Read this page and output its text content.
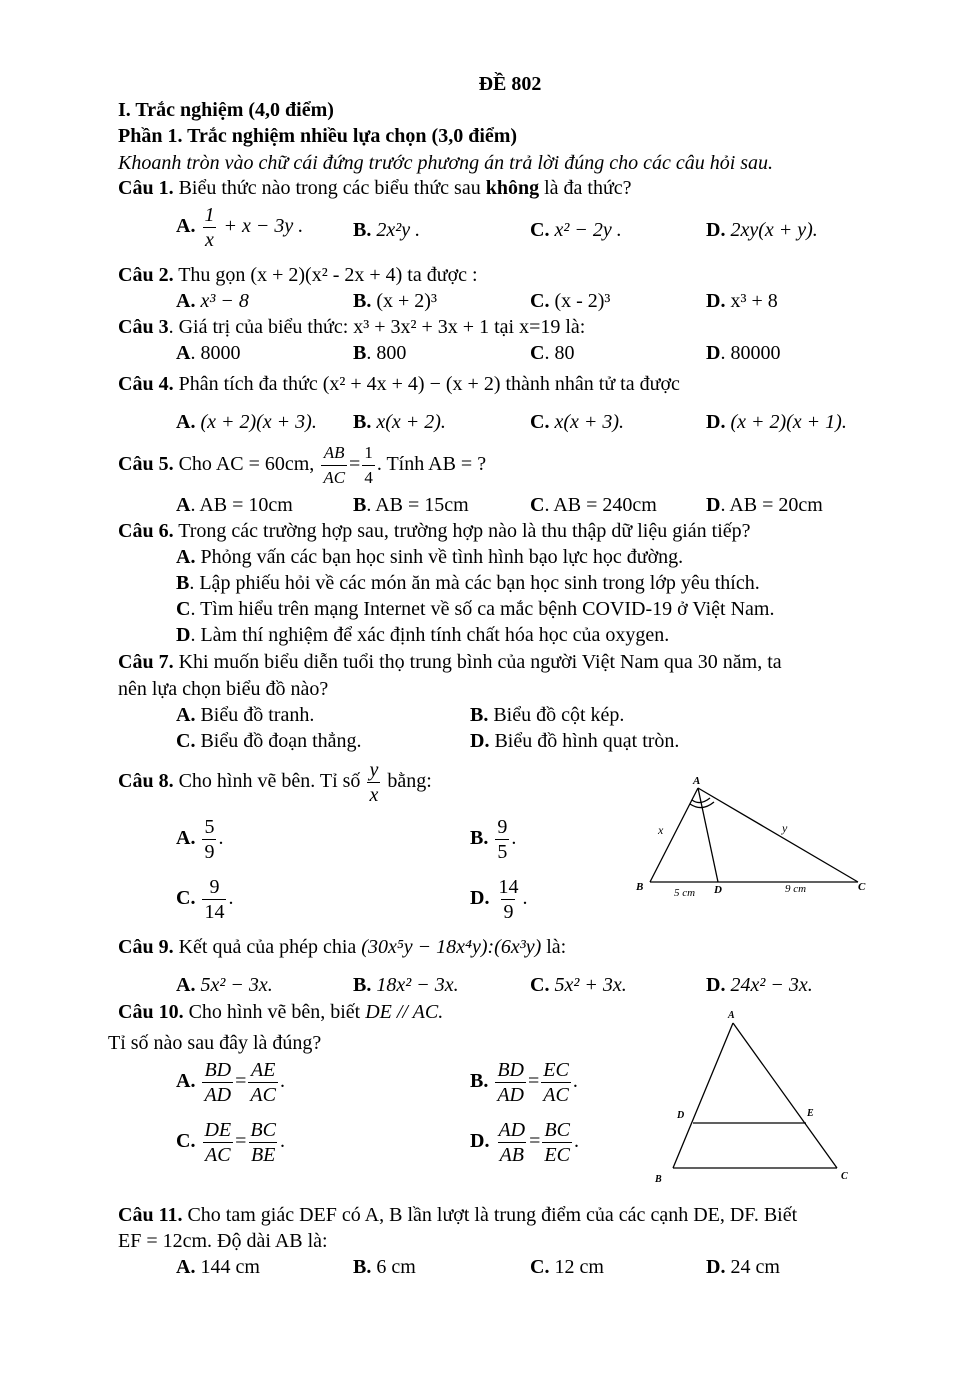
ĐỀ 802
I. Trắc nghiệm (4,0 điểm)
Phần 1. Trắc nghiệm nhiều lựa chọn (3,0 điểm)
Khoanh tròn vào chữ cái đứng trước phương án trả lời đúng cho các câu hỏi sau.
Câu 1. Biểu thức nào trong các biểu thức sau không là đa thức?
A. $\frac{1}{x} + x - 3y$ . B. 2x²y .	C. x² − 2y .	D. 2xy(x + y).
Câu 2. Thu gọn (x + 2)(x² - 2x + 4) ta được :
A. x³ − 8	B. (x + 2)³	C. (x - 2)³	D. x³ + 8
Câu 3. Giá trị của biểu thức: x³ + 3x² + 3x + 1 tại x=19 là:
A. 8000	B. 800	C. 80	D. 80000
Câu 4. Phân tích đa thức (x² + 4x + 4) − (x + 2) thành nhân tử ta được
A. (x + 2)(x + 3). B. x(x + 2).	C. x(x + 3).	D. (x + 2)(x + 1).
Câu 5. Cho AC = 60cm, $\frac{AB}{AC} = \frac{1}{4}$ . Tính AB = ?
A. AB = 10cm	B. AB = 15cm	C. AB = 240cm D. AB = 20cm
Câu 6. Trong các trường hợp sau, trường hợp nào là thu thập dữ liệu gián tiếp?
A. Phỏng vấn các bạn học sinh về tình hình bạo lực học đường.
B. Lập phiếu hỏi về các món ăn mà các bạn học sinh trong lớp yêu thích.
C. Tìm hiểu trên mạng Internet về số ca mắc bệnh COVID-19 ở Việt Nam.
D. Làm thí nghiệm để xác định tính chất hóa học của oxygen.
Câu 7. Khi muốn biểu diễn tuổi thọ trung bình của người Việt Nam qua 30 năm, ta
nên lựa chọn biểu đồ nào?
A. Biểu đồ tranh.	B. Biểu đồ cột kép.
C. Biểu đồ đoạn thẳng.	D. Biểu đồ hình quạt tròn.
Câu 8. Cho hình vẽ bên. Tỉ số $\frac{y}{x}$ bằng:
A. $\frac{5}{9}$ .	B. $\frac{9}{5}$ .
C. $\frac{9}{14}$ .	D. $\frac{14}{9}$ .
A
B	C
D
x	y
5 cm	9 cm
Câu 9. Kết quả của phép chia (30x⁵y − 18x⁴y):(6x³y) là:
A. 5x² − 3x.	B. 18x² − 3x.	C. 5x² + 3x.	D. 24x² − 3x.
Câu 10. Cho hình vẽ bên, biết DE // AC.
Tỉ số nào sau đây là đúng?
A. $\frac{BD}{AD} = \frac{AE}{AC}$ .	B. $\frac{BD}{AD} = \frac{EC}{AC}$ .
C. $\frac{DE}{AC} = \frac{BC}{BE}$ .	D. $\frac{AD}{AB} = \frac{BC}{EC}$ .
A
B	C
D	E
Câu 11. Cho tam giác DEF có A, B lần lượt là trung điểm của các cạnh DE, DF. Biết
EF = 12cm. Độ dài AB là:
A. 144 cm	B. 6 cm	C. 12 cm	D. 24 cm
